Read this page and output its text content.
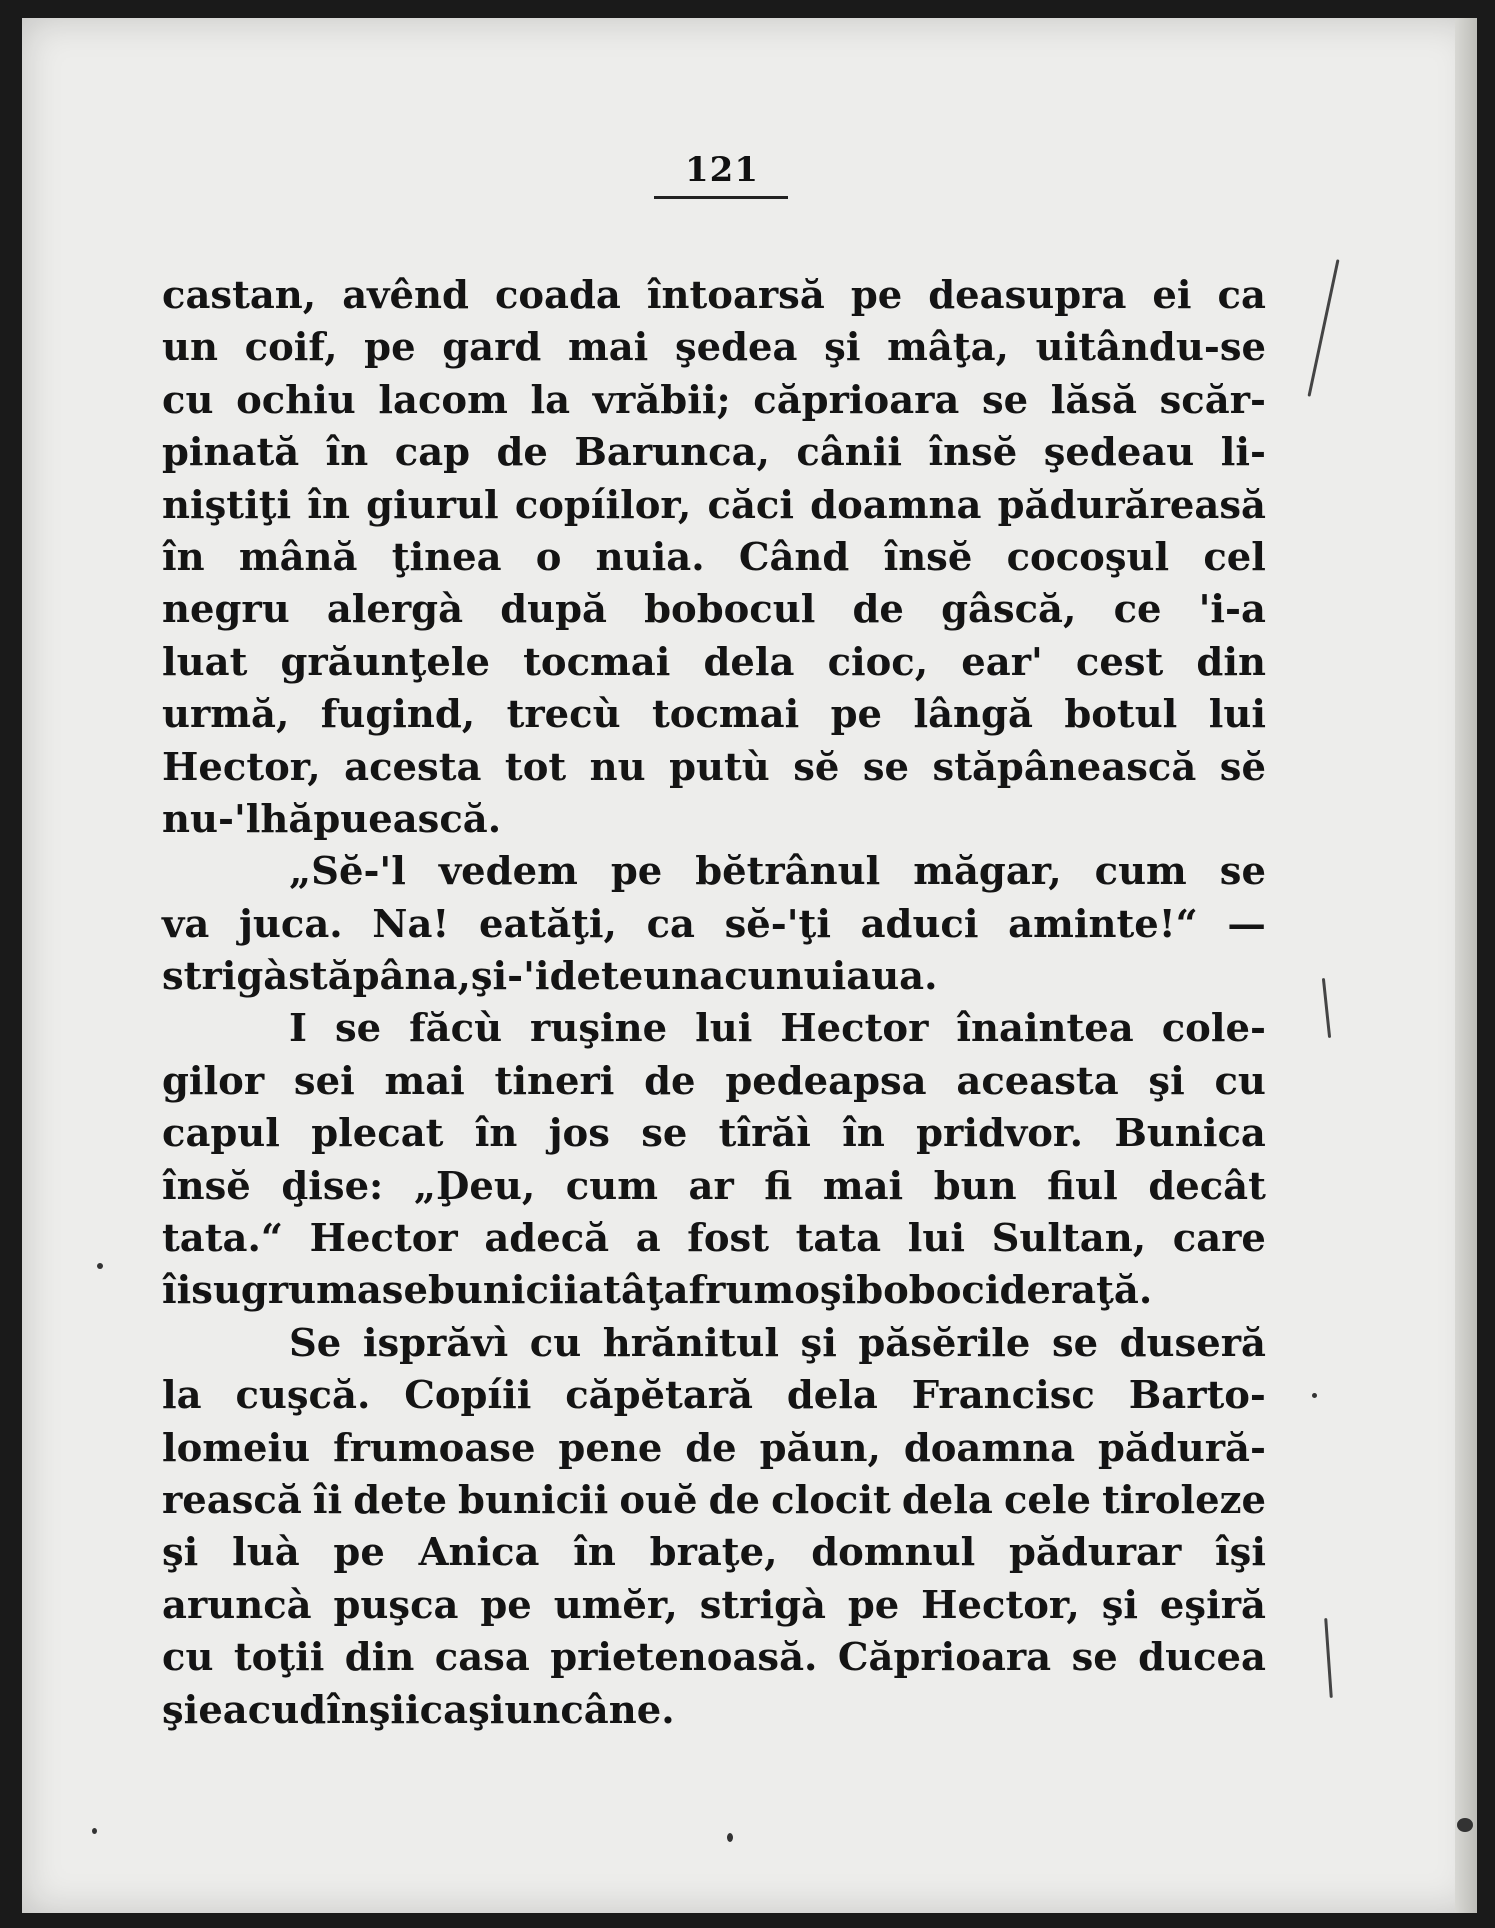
121
castan, avênd coada întoarsă pe deasupra ei ca
un coif, pe gard mai şedea şi mâţa, uitându-se
cu ochiu lacom la vrăbii; căprioara se lăsă scăr-
pinată în cap de Barunca, cânii însĕ şedeau li-
niştiţi în giurul copíilor, căci doamna pădurăreasă
în mână ţinea o nuia. Când însĕ cocoşul cel
negru alergà după bobocul de gâscă, ce 'i-a
luat grăunţele tocmai dela cioc, ear' cest din
urmă, fugind, trecù tocmai pe lângă botul lui
Hector, acesta tot nu putù sĕ se stăpânească sĕ
nu-'l hăpuească.
„Sĕ-'l vedem pe bĕtrânul măgar, cum se
va juca. Na! eatăţi, ca sĕ-'ţi aduci aminte!“ —
strigà stăpâna, şi-'i dete una cu nuiaua.
I se făcù ruşine lui Hector înaintea cole-
gilor sei mai tineri de pedeapsa aceasta şi cu
capul plecat în jos se tîrăì în pridvor. Bunica
însĕ ḑise: „Ḑeu, cum ar fi mai bun fiul decât
tata.“ Hector adecă a fost tata lui Sultan, care
îi sugrumase bunicii atâţa frumoşi boboci de raţă.
Se isprăvì cu hrănitul şi păsĕrile se duseră
la cuşcă. Copíii căpĕtară dela Francisc Barto-
lomeiu frumoase pene de păun, doamna pădură-
rească îi dete bunicii ouĕ de clocit dela cele tiroleze
şi luà pe Anica în braţe, domnul pădurar îşi
aruncà puşca pe umĕr, strigà pe Hector, şi eşiră
cu toţii din casa prietenoasă. Căprioara se ducea
şi ea cu dînşii ca şi un câne.
